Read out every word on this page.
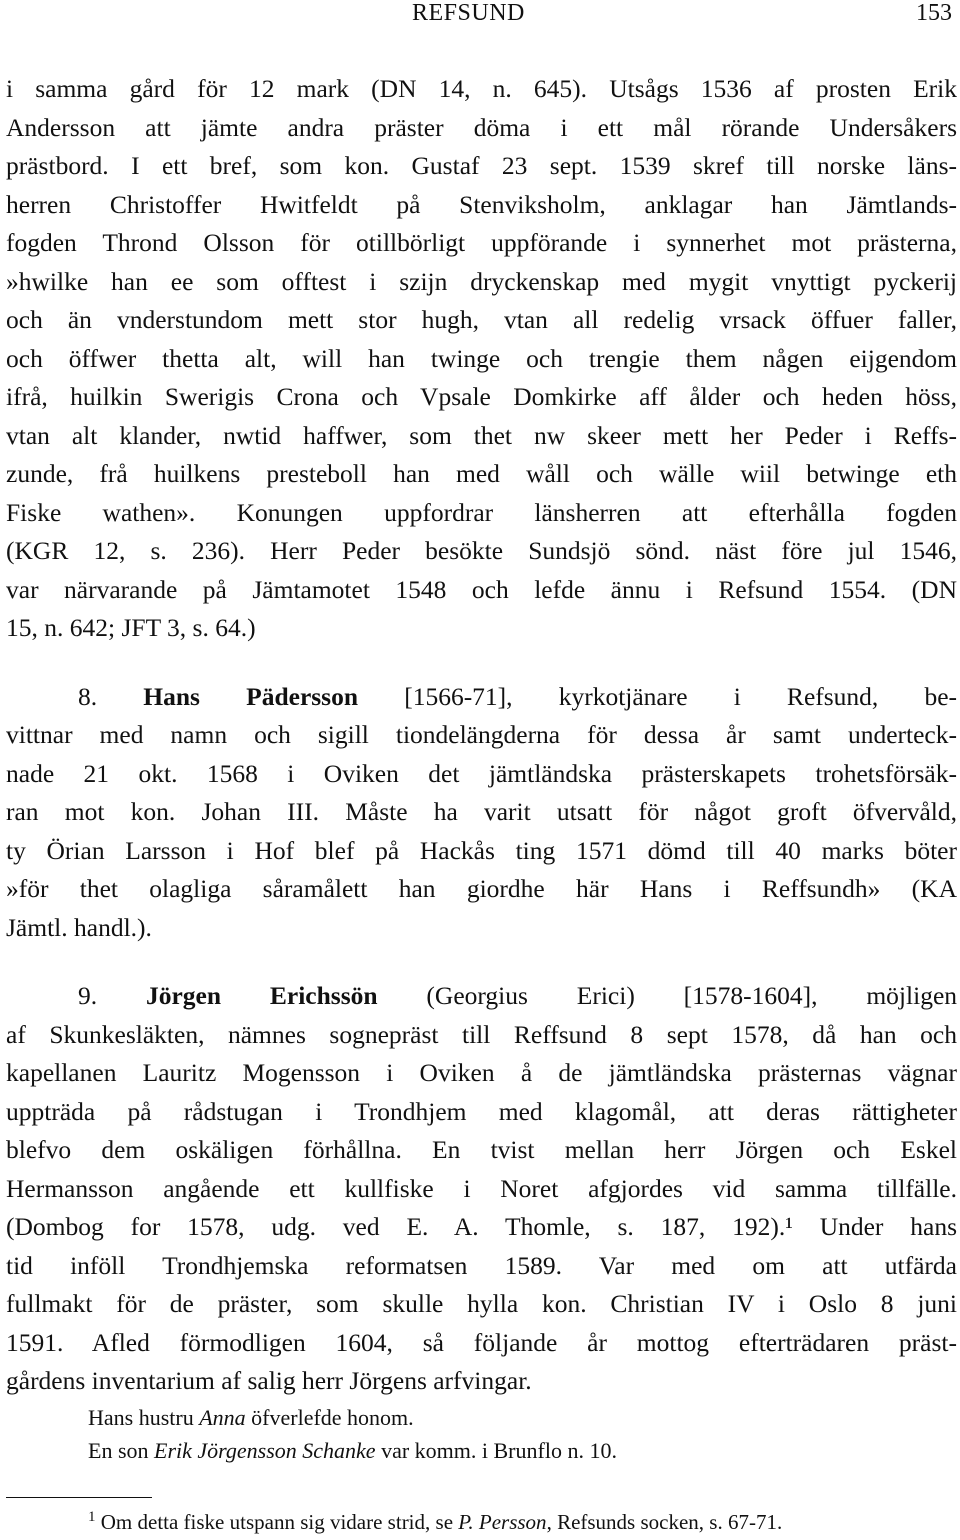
REFSUND	153
i samma gård för 12 mark (DN 14, n. 645). Utsågs 1536 af prosten Erik
Andersson att jämte andra präster döma i ett mål rörande Undersåkers
prästbord. I ett bref, som kon. Gustaf 23 sept. 1539 skref till norske läns-
herren Christoffer Hwitfeldt på Stenviksholm, anklagar han Jämtlands-
fogden Thrond Olsson för otillbörligt uppförande i synnerhet mot prästerna,
»hwilke han ee som offtest i szijn dryckenskap med mygit vnyttigt pyckerij
och än vnderstundom mett stor hugh, vtan all redelig vrsack öffuer faller,
och öffwer thetta alt, will han twinge och trengie them någen eijgendom
ifrå, huilkin Swerigis Crona och Vpsale Domkirke aff ålder och heden höss,
vtan alt klander, nwtid haffwer, som thet nw skeer mett her Peder i Reffs-
zunde, frå huilkens presteboll han med wåll och wälle wiil betwinge eth
Fiske wathen». Konungen uppfordrar länsherren att efterhålla fogden
(KGR 12, s. 236). Herr Peder besökte Sundsjö sönd. näst före jul 1546,
var närvarande på Jämtamotet 1548 och lefde ännu i Refsund 1554. (DN
15, n. 642; JFT 3, s. 64.)
8. Hans Pädersson [1566-71], kyrkotjänare i Refsund, be-
vittnar med namn och sigill tiondelängderna för dessa år samt underteck-
nade 21 okt. 1568 i Oviken det jämtländska prästerskapets trohetsförsäk-
ran mot kon. Johan III. Måste ha varit utsatt för något groft öfvervåld,
ty Örian Larsson i Hof blef på Hackås ting 1571 dömd till 40 marks böter
»för thet olagliga såramålett han giordhe här Hans i Reffsundh» (KA
Jämtl. handl.).
9. Jörgen Erichssön (Georgius Erici) [1578-1604], möjligen
af Skunkesläkten, nämnes sognepräst till Reffsund 8 sept 1578, då han och
kapellanen Lauritz Mogensson i Oviken å de jämtländska prästernas vägnar
uppträda på rådstugan i Trondhjem med klagomål, att deras rättigheter
blefvo dem oskäligen förhållna. En tvist mellan herr Jörgen och Eskel
Hermansson angående ett kullfiske i Noret afgjordes vid samma tillfälle.
(Dombog for 1578, udg. ved E. A. Thomle, s. 187, 192).¹ Under hans
tid inföll Trondhjemska reformatsen 1589. Var med om att utfärda
fullmakt för de präster, som skulle hylla kon. Christian IV i Oslo 8 juni
1591. Afled förmodligen 1604, så följande år mottog efterträdaren präst-
gårdens inventarium af salig herr Jörgens arfvingar.
Hans hustru Anna öfverlefde honom.
En son Erik Jörgensson Schanke var komm. i Brunflo n. 10.
$^1$ Om detta fiske utspann sig vidare strid, se P. Persson, Refsunds socken, s. 67-71.
